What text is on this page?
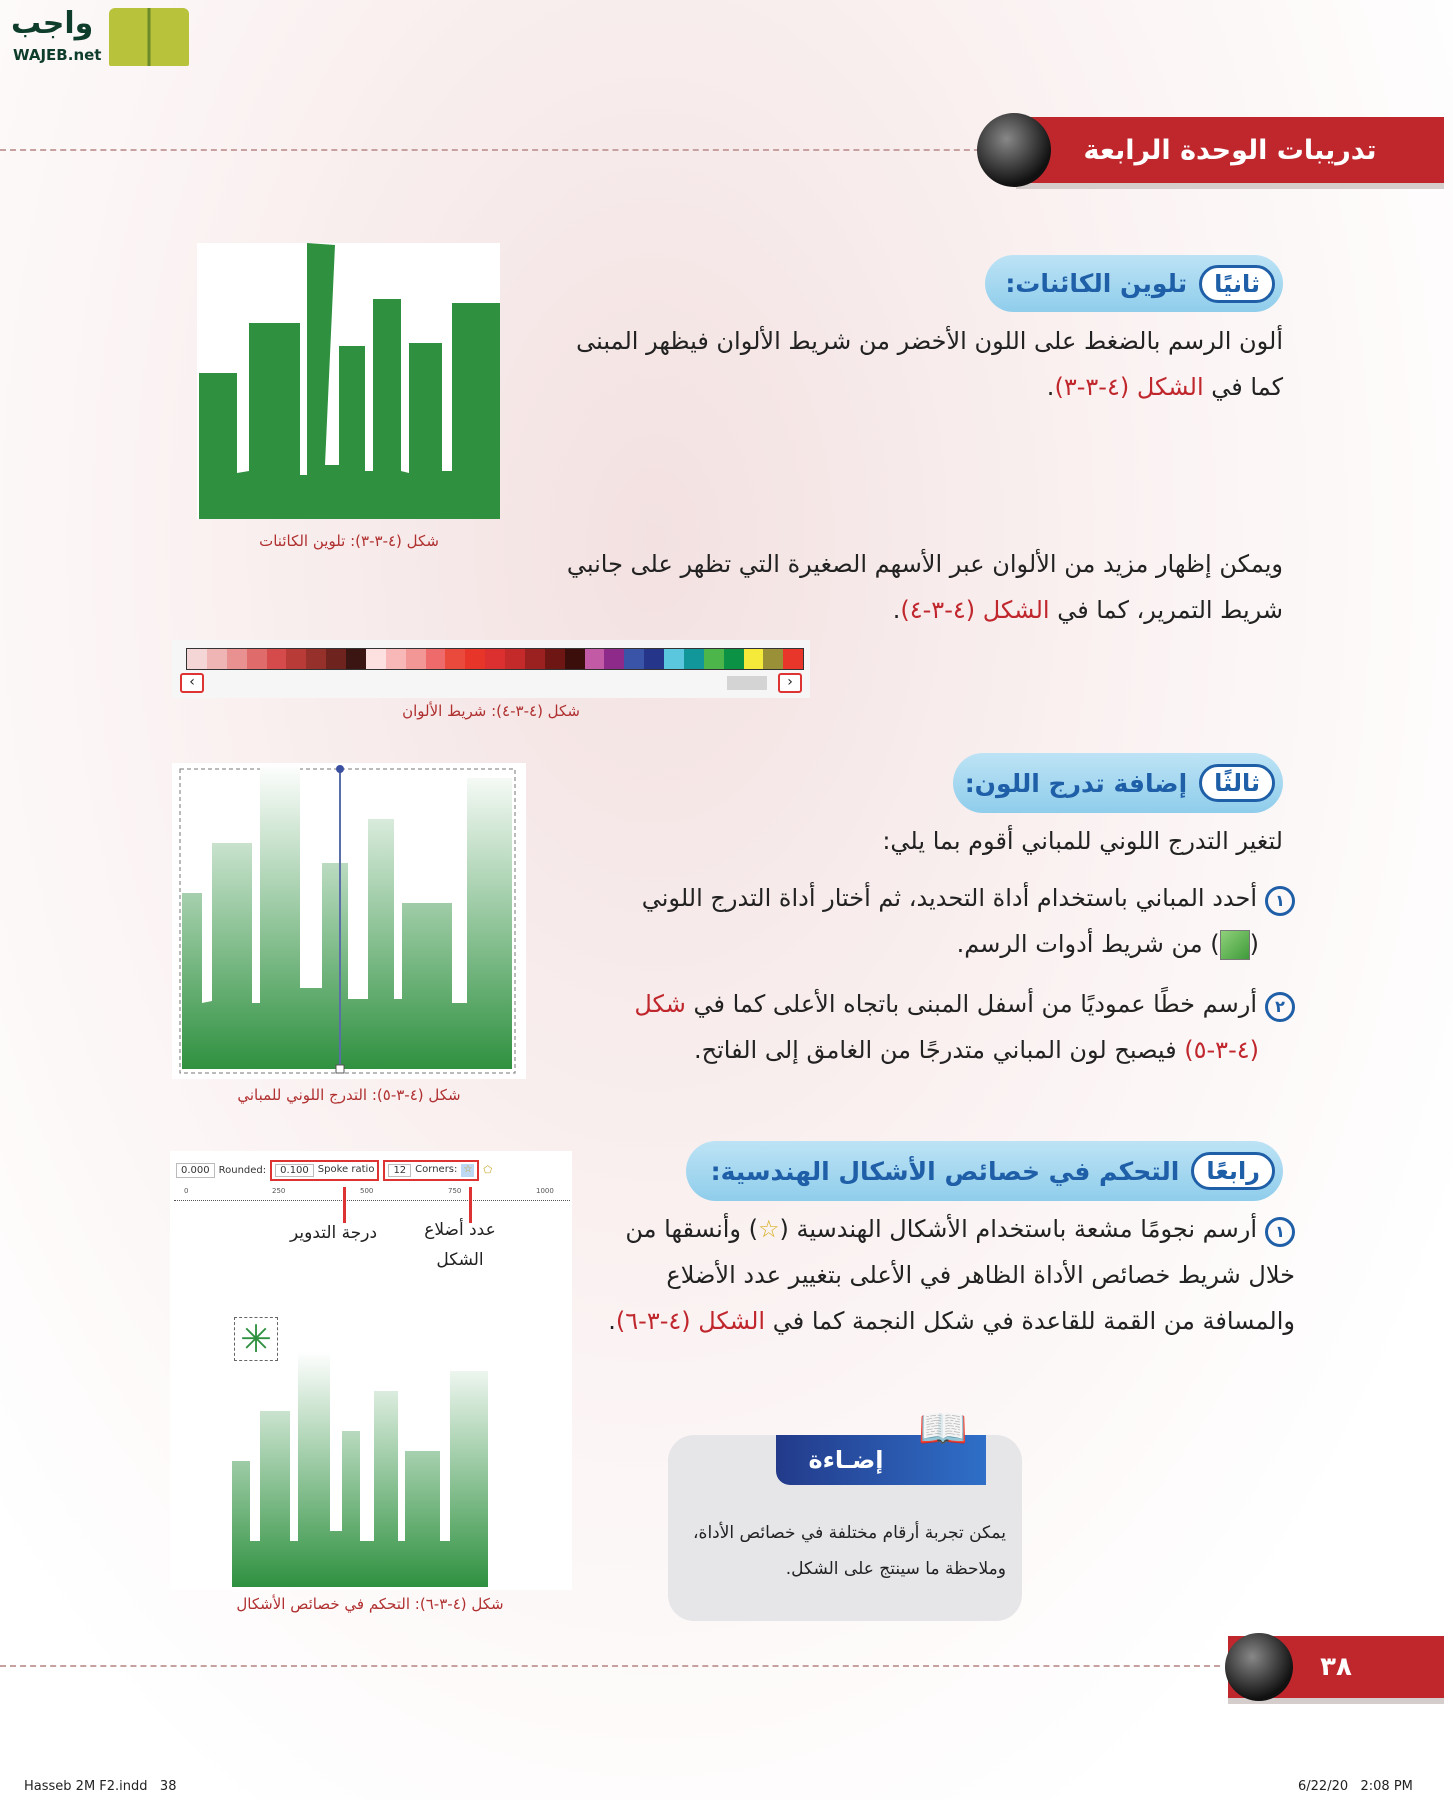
واجب
WAJEB.net
تدريبات الوحدة الرابعة
ثانيًا
تلوين الكائنات:
ألون الرسم بالضغط على اللون الأخضر من شريط الألوان فيظهر المبنى كما في الشكل (٤-٣-٣).
شكل (٤-٣-٣): تلوين الكائنات
ويمكن إظهار مزيد من الألوان عبر الأسهم الصغيرة التي تظهر على جانبي شريط التمرير، كما في الشكل (٤-٣-٤).
‹	›
شكل (٤-٣-٤): شريط الألوان
ثالثًا
إضافة تدرج اللون:
لتغير التدرج اللوني للمباني أقوم بما يلي:
١أحدد المباني باستخدام أداة التحديد، ثم أختار أداة التدرج اللوني
() من شريط أدوات الرسم.
٢أرسم خطًا عموديًا من أسفل المبنى باتجاه الأعلى كما في شكل
(٤-٣-٥) فيصبح لون المباني متدرجًا من الغامق إلى الفاتح.
شكل (٤-٣-٥): التدرج اللوني للمباني
رابعًا
التحكم في خصائص الأشكال الهندسية:
١أرسم نجومًا مشعة باستخدام الأشكال الهندسية (☆) وأنسقها من خلال شريط خصائص الأداة الظاهر في الأعلى بتغيير عدد الأضلاع والمسافة من القمة للقاعدة في شكل النجمة كما في الشكل (٤-٣-٦).
0.000 Rounded:	0.100 Spoke ratio	12 Corners: ☆ ⬠
0	250	500	750	1000
درجة التدوير	عدد أضلاع الشكل
✳
شكل (٤-٣-٦): التحكم في خصائص الأشكال
إضـاءة
📖
يمكن تجربة أرقام مختلفة في خصائص الأداة، وملاحظة ما سينتج على الشكل.
٣٨
Hasseb 2M F2.indd   38	6/22/20   2:08 PM
